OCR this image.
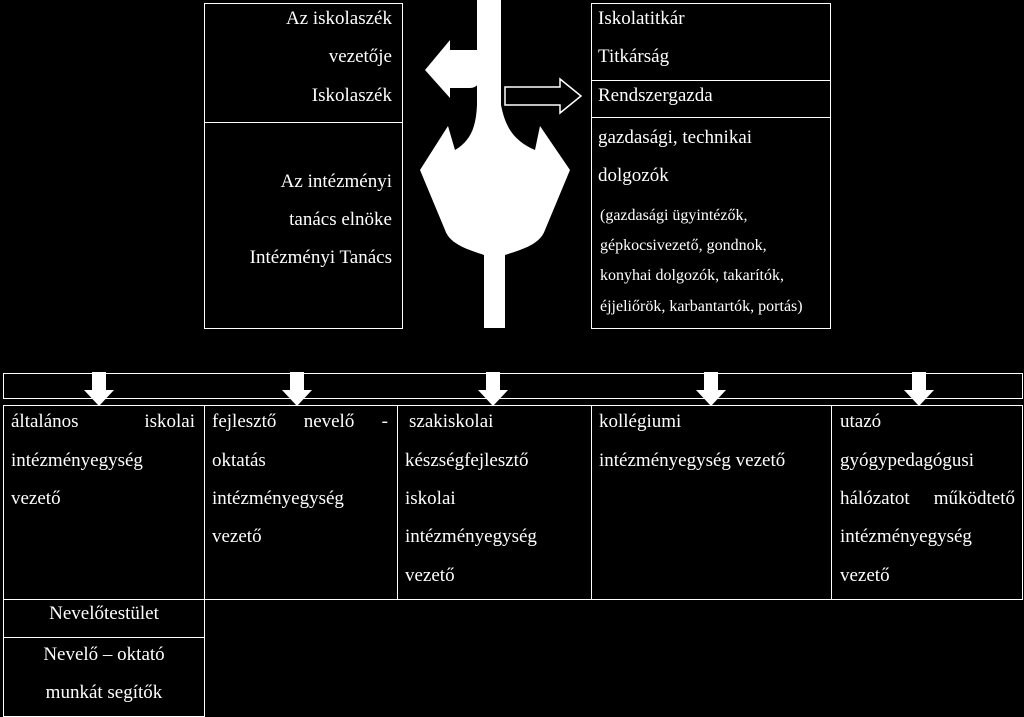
Az iskolaszék
vezetője
Iskolaszék
Az intézményi
tanács elnöke
Intézményi Tanács
Iskolatitkár
Titkárság
Rendszergazda
gazdasági, technikai
dolgozók
(gazdasági ügyintézők,
gépkocsivezető, gondnok,
konyhai dolgozók, takarítók,
éjjeliőrök, karbantartók, portás)
általános	iskolai
intézményegység
vezető
fejlesztő nevelő -
oktatás
intézményegység
vezető
szakiskolai
készségfejlesztő
iskolai
intézményegység
vezető
kollégiumi
intézményegység vezető
utazó
gyógypedagógusi
hálózatot működtető
intézményegység
vezető
Nevelőtestület
Nevelő – oktató
munkát segítők
